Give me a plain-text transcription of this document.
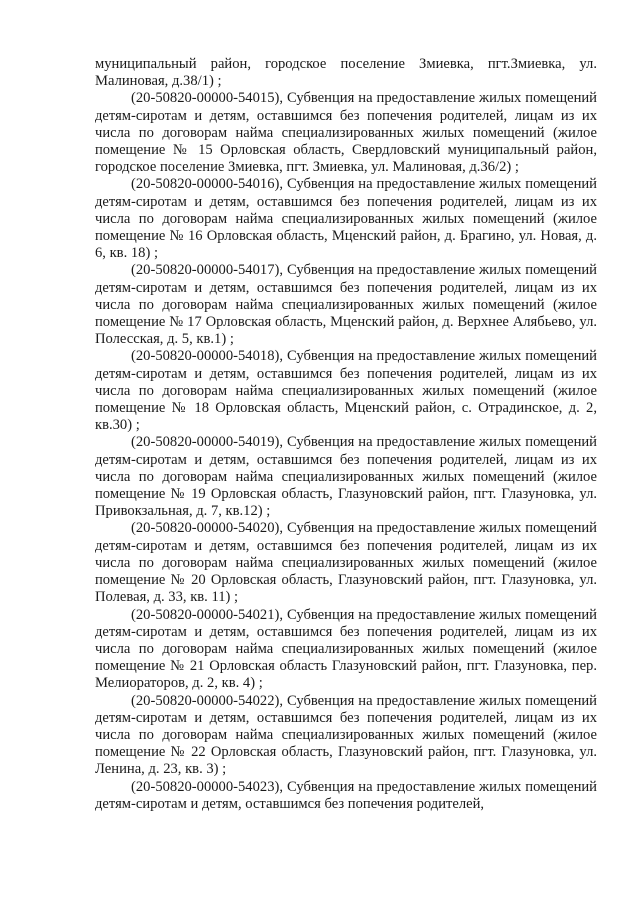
муниципальный район, городское поселение Змиевка, пгт.Змиевка, ул. Малиновая, д.38/1) ;

(20-50820-00000-54015), Субвенция на предоставление жилых помещений детям-сиротам и детям, оставшимся без попечения родителей, лицам из их числа по договорам найма специализированных жилых помещений (жилое помещение № 15 Орловская область, Свердловский муниципальный район, городское поселение Змиевка, пгт. Змиевка, ул. Малиновая, д.36/2) ;

(20-50820-00000-54016), Субвенция на предоставление жилых помещений детям-сиротам и детям, оставшимся без попечения родителей, лицам из их числа по договорам найма специализированных жилых помещений (жилое помещение № 16 Орловская область, Мценский район, д. Брагино, ул. Новая, д. 6, кв. 18) ;

(20-50820-00000-54017), Субвенция на предоставление жилых помещений детям-сиротам и детям, оставшимся без попечения родителей, лицам из их числа по договорам найма специализированных жилых помещений (жилое помещение № 17 Орловская область, Мценский район, д. Верхнее Алябьево, ул. Полесская, д. 5, кв.1) ;

(20-50820-00000-54018), Субвенция на предоставление жилых помещений детям-сиротам и детям, оставшимся без попечения родителей, лицам из их числа по договорам найма специализированных жилых помещений (жилое помещение № 18 Орловская область, Мценский район, с. Отрадинское, д. 2, кв.30) ;

(20-50820-00000-54019), Субвенция на предоставление жилых помещений детям-сиротам и детям, оставшимся без попечения родителей, лицам из их числа по договорам найма специализированных жилых помещений (жилое помещение № 19 Орловская область, Глазуновский район, пгт. Глазуновка, ул. Привокзальная, д. 7, кв.12) ;

(20-50820-00000-54020), Субвенция на предоставление жилых помещений детям-сиротам и детям, оставшимся без попечения родителей, лицам из их числа по договорам найма специализированных жилых помещений (жилое помещение № 20 Орловская область, Глазуновский район, пгт. Глазуновка, ул. Полевая, д. 33, кв. 11) ;

(20-50820-00000-54021), Субвенция на предоставление жилых помещений детям-сиротам и детям, оставшимся без попечения родителей, лицам из их числа по договорам найма специализированных жилых помещений (жилое помещение № 21 Орловская область Глазуновский район, пгт. Глазуновка, пер. Мелиораторов, д. 2, кв. 4) ;

(20-50820-00000-54022), Субвенция на предоставление жилых помещений детям-сиротам и детям, оставшимся без попечения родителей, лицам из их числа по договорам найма специализированных жилых помещений (жилое помещение № 22 Орловская область, Глазуновский район, пгт. Глазуновка, ул. Ленина, д. 23, кв. 3) ;

(20-50820-00000-54023), Субвенция на предоставление жилых помещений детям-сиротам и детям, оставшимся без попечения родителей,
